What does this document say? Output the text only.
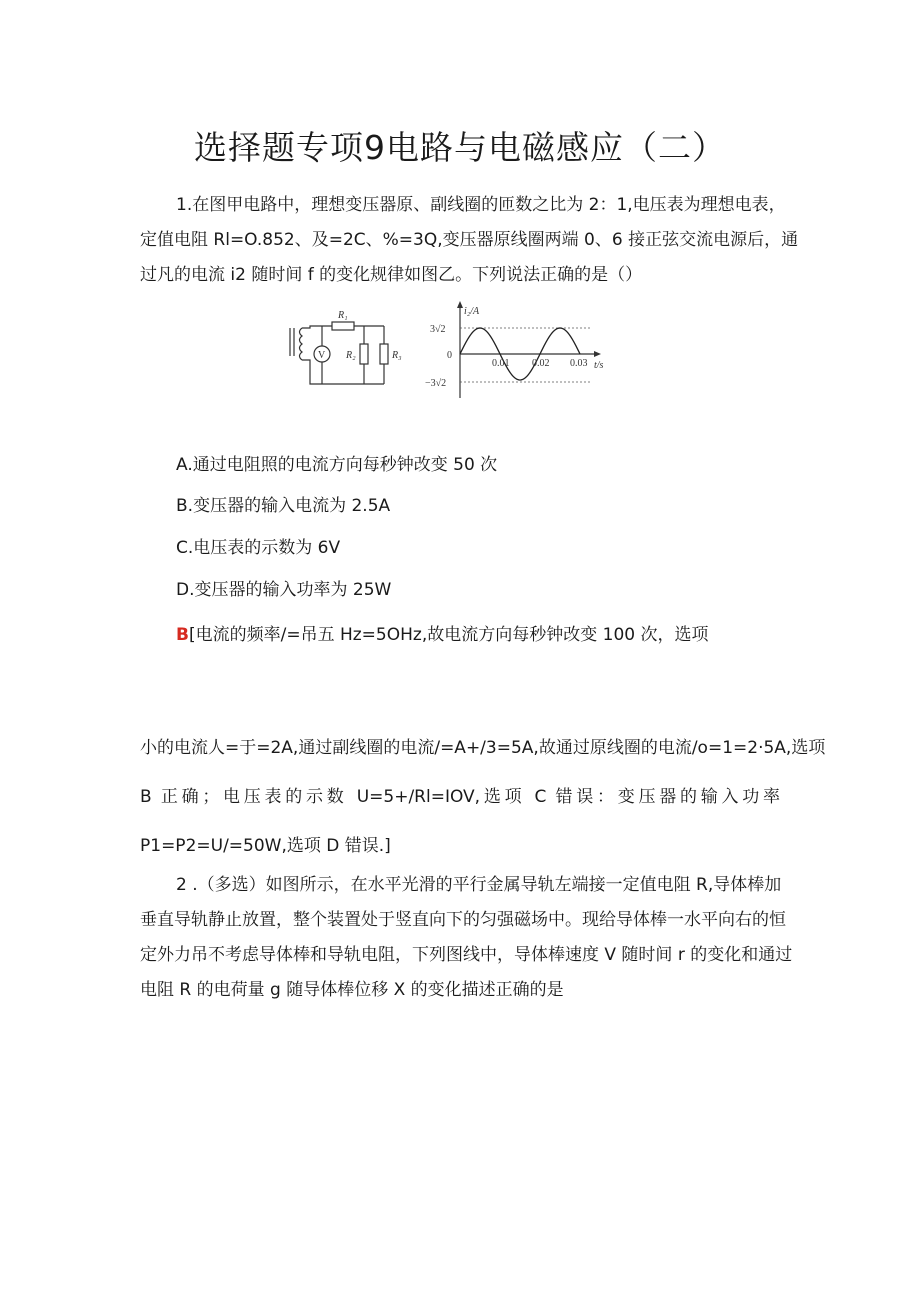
选择题专项9电路与电磁感应（二）
1.在图甲电路中，理想变压器原、副线圈的匝数之比为 2：1,电压表为理想电表，
定值电阻 Rl=O.852、及=2C、%=3Q,变压器原线圈两端 0、6 接正弦交流电源后，通
过凡的电流 i2 随时间 f 的变化规律如图乙。下列说法正确的是（）
V
R₁
R₂	R₃
i₂/A
3√2
0
−3√2
0.01 0.02 0.03 t/s
A.通过电阻照的电流方向每秒钟改变 50 次
B.变压器的输入电流为 2.5A
C.电压表的示数为 6V
D.变压器的输入功率为 25W
B[电流的频率/=吊五 Hz=5OHz,故电流方向每秒钟改变 100 次，选项
小的电流人=于=2A,通过副线圈的电流/=A+/3=5A,故通过原线圈的电流/o=1=2·5A,选项
B 正确；电压表的示数 U=5+/Rl=IOV,选项 C 错误：变压器的输入功率
P1=P2=U/=50W,选项 D 错误.]
2 .（多选）如图所示，在水平光滑的平行金属导轨左端接一定值电阻 R,导体棒加
垂直导轨静止放置，整个装置处于竖直向下的匀强磁场中。现给导体棒一水平向右的恒
定外力吊不考虑导体棒和导轨电阻，下列图线中，导体棒速度 V 随时间 r 的变化和通过
电阻 R 的电荷量 g 随导体棒位移 X 的变化描述正确的是
